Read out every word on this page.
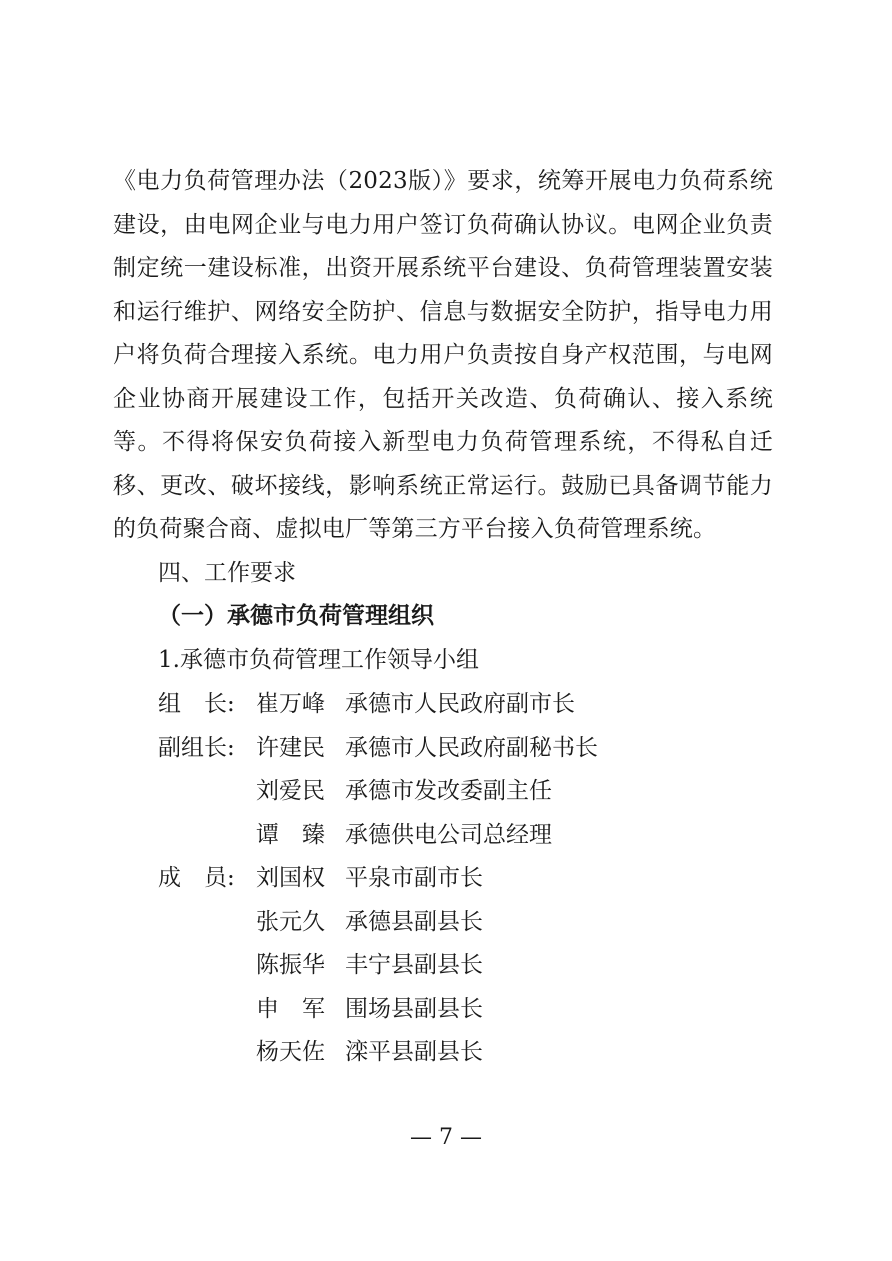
《电力负荷管理办法（2023版）》要求，统筹开展电力负荷系统建设，由电网企业与电力用户签订负荷确认协议。电网企业负责制定统一建设标准，出资开展系统平台建设、负荷管理装置安装和运行维护、网络安全防护、信息与数据安全防护，指导电力用户将负荷合理接入系统。电力用户负责按自身产权范围，与电网企业协商开展建设工作，包括开关改造、负荷确认、接入系统等。不得将保安负荷接入新型电力负荷管理系统，不得私自迁移、更改、破坏接线，影响系统正常运行。鼓励已具备调节能力的负荷聚合商、虚拟电厂等第三方平台接入负荷管理系统。

四、工作要求
（一）承德市负荷管理组织
1.承德市负荷管理工作领导小组
组　长: 崔万峰 承德市人民政府副市长
副组长: 许建民 承德市人民政府副秘书长
刘爱民 承德市发改委副主任
谭　臻 承德供电公司总经理
成　员: 刘国权 平泉市副市长
张元久 承德县副县长
陈振华 丰宁县副县长
申　军 围场县副县长
杨天佐 滦平县副县长
— 7 —
